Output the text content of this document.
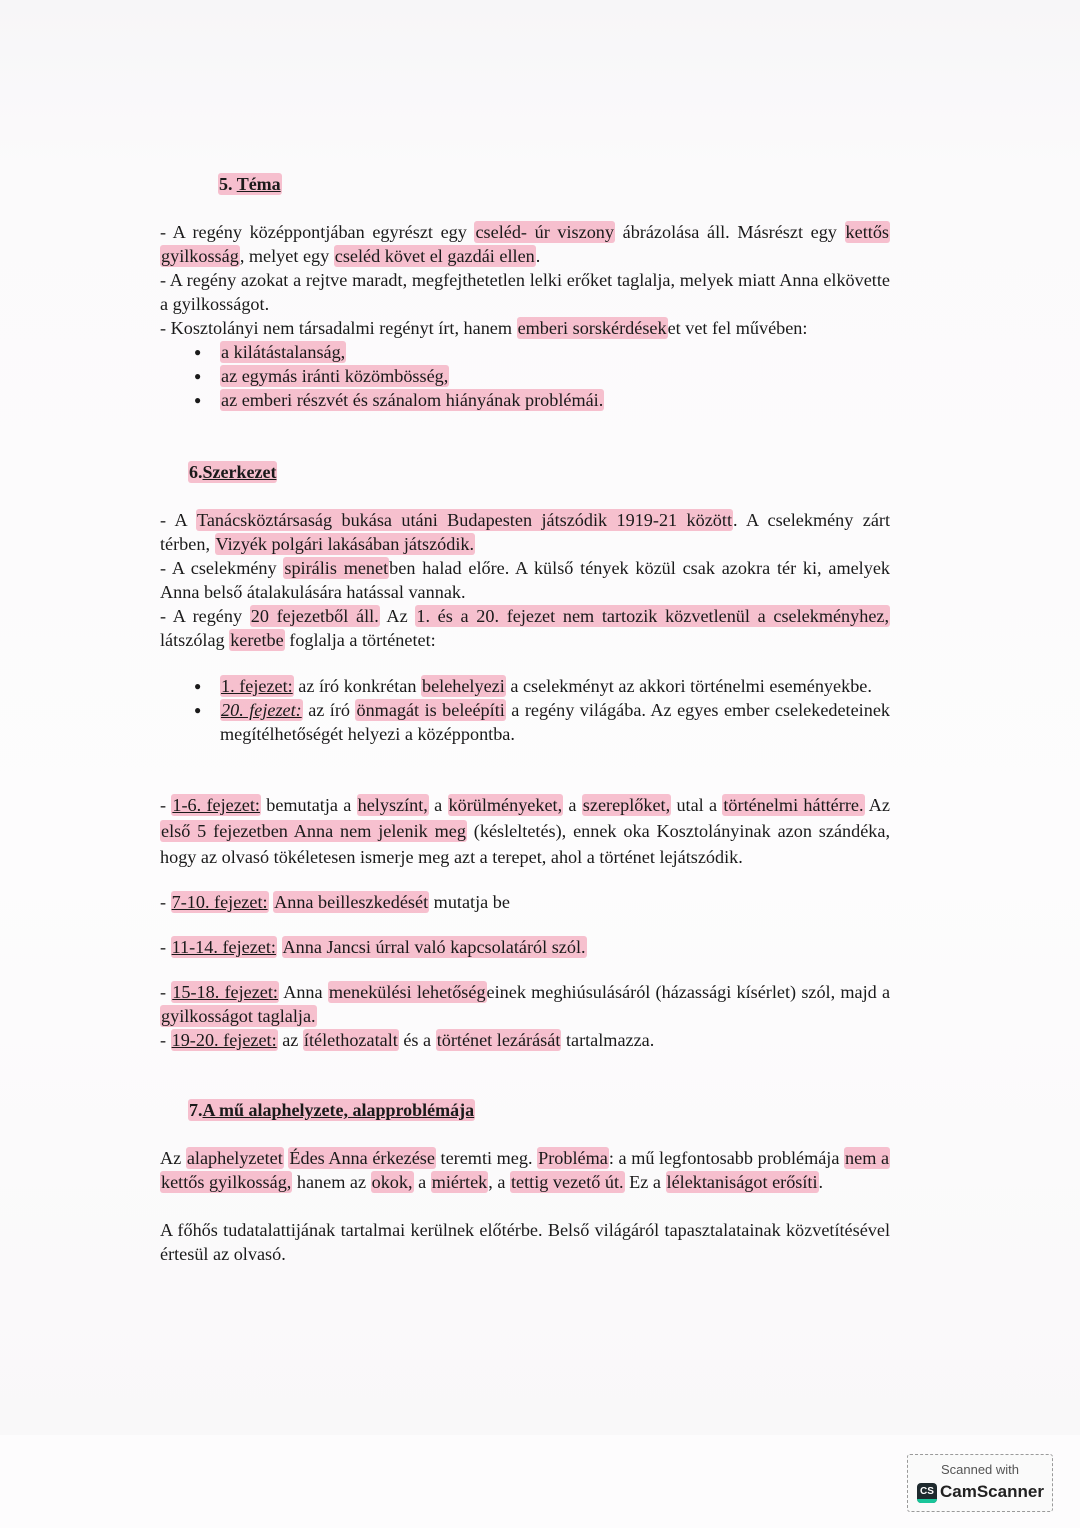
5. Téma
- A regény középpontjában egyrészt egy cseléd- úr viszony ábrázolása áll. Másrészt egy kettős gyilkosság, melyet egy cseléd követ el gazdái ellen.
- A regény azokat a rejtve maradt, megfejthetetlen lelki erőket taglalja, melyek miatt Anna elkövette a gyilkosságot.
- Kosztolányi nem társadalmi regényt írt, hanem emberi sorskérdéseket vet fel művében:
● a kilátástalanság,
● az egymás iránti közömbösség,
● az emberi részvét és szánalom hiányának problémái.
6.Szerkezet
- A Tanácsköztársaság bukása utáni Budapesten játszódik 1919-21 között. A cselekmény zárt térben, Vizyék polgári lakásában játszódik.
- A cselekmény spirális menetben halad előre. A külső tények közül csak azokra tér ki, amelyek Anna belső átalakulására hatással vannak.
- A regény 20 fejezetből áll. Az 1. és a 20. fejezet nem tartozik közvetlenül a cselekményhez, látszólag keretbe foglalja a történetet:
● 1. fejezet: az író konkrétan belehelyezi a cselekményt az akkori történelmi eseményekbe.
● 20. fejezet: az író önmagát is beleépíti a regény világába. Az egyes ember cselekedeteinek megítélhetőségét helyezi a középpontba.
- 1-6. fejezet: bemutatja a helyszínt, a körülményeket, a szereplőket, utal a történelmi háttérre. Az első 5 fejezetben Anna nem jelenik meg (késleltetés), ennek oka Kosztolányinak azon szándéka, hogy az olvasó tökéletesen ismerje meg azt a terepet, ahol a történet lejátszódik.
- 7-10. fejezet: Anna beilleszkedését mutatja be
- 11-14. fejezet: Anna Jancsi úrral való kapcsolatáról szól.
- 15-18. fejezet: Anna menekülési lehetőségeinek meghiúsulásáról (házassági kísérlet) szól, majd a gyilkosságot taglalja.
- 19-20. fejezet: az ítélethozatalt és a történet lezárását tartalmazza.
7.A mű alaphelyzete, alapproblémája
Az alaphelyzetet Édes Anna érkezése teremti meg. Probléma: a mű legfontosabb problémája nem a kettős gyilkosság, hanem az okok, a miértek, a tettig vezető út. Ez a lélektaniságot erősíti.
A főhős tudatalattijának tartalmai kerülnek előtérbe. Belső világáról tapasztalatainak közvetítésével értesül az olvasó.
Scanned with
CS CamScanner
